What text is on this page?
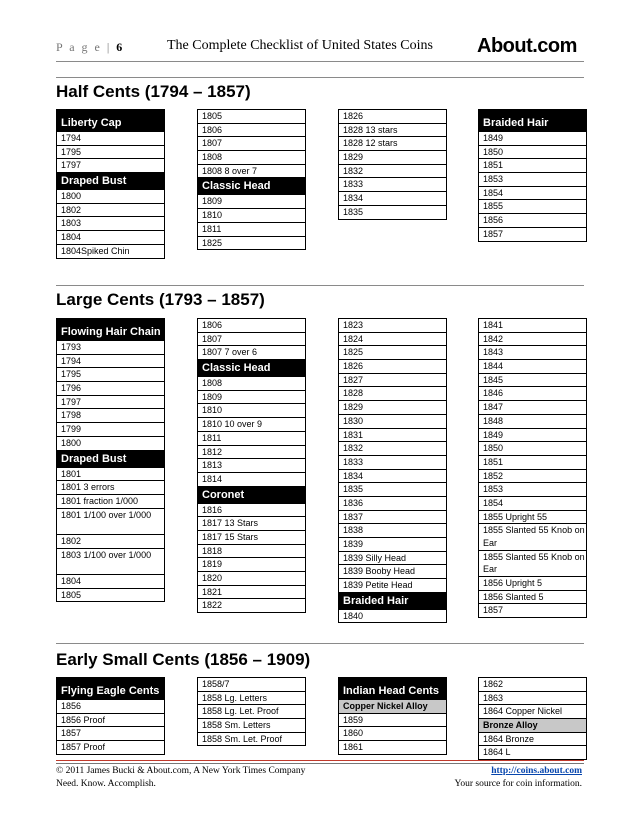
P a g e | 6	The Complete Checklist of United States Coins About.com
Half Cents (1794 – 1857)
Liberty Cap
1794
1795
1797
Draped Bust
1800
1802
1803
1804
1804Spiked Chin
1805
1806
1807
1808
1808 8 over 7
Classic Head
1809
1810
1811
1825
1826
1828 13 stars
1828 12 stars
1829
1832
1833
1834
1835
Braided Hair
1849
1850
1851
1853
1854
1855
1856
1857
Large Cents (1793 – 1857)
Flowing Hair Chain
1793
1794
1795
1796
1797
1798
1799
1800
Draped Bust
1801
1801 3 errors
1801 fraction 1/000
1801 1/100 over 1/000
1802
1803 1/100 over 1/000
1804
1805
1806
1807
1807 7 over 6
Classic Head
1808
1809
1810
1810 10 over 9
1811
1812
1813
1814
Coronet
1816
1817 13 Stars
1817 15 Stars
1818
1819
1820
1821
1822
1823
1824
1825
1826
1827
1828
1829
1830
1831
1832
1833
1834
1835
1836
1837
1838
1839
1839 Silly Head
1839 Booby Head
1839 Petite Head
Braided Hair
1840
1841
1842
1843
1844
1845
1846
1847
1848
1849
1850
1851
1852
1853
1854
1855 Upright 55
1855 Slanted 55 Knob on Ear
1855 Slanted 55 Knob on Ear
1856 Upright 5
1856 Slanted 5
1857
Early Small Cents (1856 – 1909)
Flying Eagle Cents
1856
1856 Proof
1857
1857 Proof
1858/7
1858 Lg. Letters
1858 Lg. Let. Proof
1858 Sm. Letters
1858 Sm. Let. Proof
Indian Head Cents
Copper Nickel Alloy
1859
1860
1861
1862
1863
1864 Copper Nickel
Bronze Alloy
1864 Bronze
1864 L
© 2011 James Bucki & About.com, A New York Times Company
Need. Know. Accomplish.
http://coins.about.com
Your source for coin information.
